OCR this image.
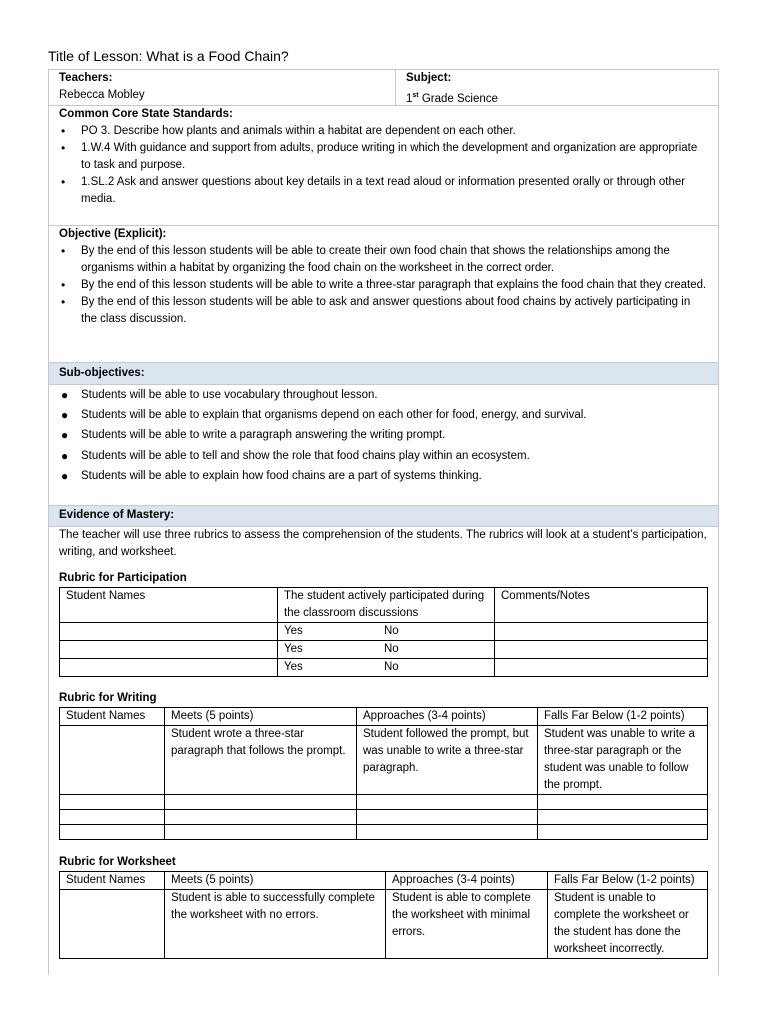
Title of Lesson: What is a Food Chain?
Teachers:
Rebecca Mobley
Subject:
1st Grade Science
Common Core State Standards:
• PO 3. Describe how plants and animals within a habitat are dependent on each other.
• 1.W.4 With guidance and support from adults, produce writing in which the development and organization are appropriate to task and purpose.
• 1.SL.2 Ask and answer questions about key details in a text read aloud or information presented orally or through other media.
Objective (Explicit):
• By the end of this lesson students will be able to create their own food chain that shows the relationships among the organisms within a habitat by organizing the food chain on the worksheet in the correct order.
• By the end of this lesson students will be able to write a three-star paragraph that explains the food chain that they created.
• By the end of this lesson students will be able to ask and answer questions about food chains by actively participating in the class discussion.
Sub-objectives:
● Students will be able to use vocabulary throughout lesson.
● Students will be able to explain that organisms depend on each other for food, energy, and survival.
● Students will be able to write a paragraph answering the writing prompt.
● Students will be able to tell and show the role that food chains play within an ecosystem.
● Students will be able to explain how food chains are a part of systems thinking.
Evidence of Mastery:
The teacher will use three rubrics to assess the comprehension of the students. The rubrics will look at a student’s participation, writing, and worksheet.
Rubric for Participation
Student Names	The student actively participated during the classroom discussions	Comments/Notes

	Yes No	

	Yes No	

	Yes No	

Rubric for Writing
Student Names	Meets (5 points)	Approaches (3-4 points)	Falls Far Below (1-2 points)
	Student wrote a three-star paragraph that follows the prompt.	Student followed the prompt, but was unable to write a three-star paragraph.	Student was unable to write a three-star paragraph or the student was unable to follow the prompt.

Rubric for Worksheet
Student Names	Meets (5 points)	Approaches (3-4 points)	Falls Far Below (1-2 points)
	Student is able to successfully complete the worksheet with no errors.	Student is able to complete the worksheet with minimal errors.	Student is unable to complete the worksheet or the student has done the worksheet incorrectly.
